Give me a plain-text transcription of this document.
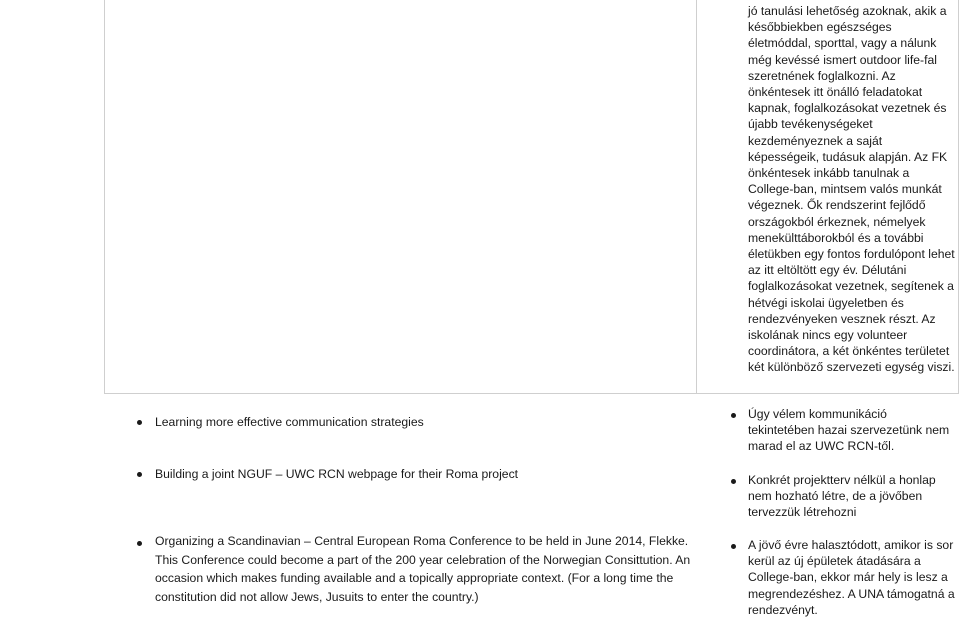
jó tanulási lehetőség azoknak, akik a későbbiekben egészséges életmóddal, sporttal, vagy a nálunk még kevéssé ismert outdoor life-fal szeretnének foglalkozni. Az önkéntesek itt önálló feladatokat kapnak, foglalkozásokat vezetnek és újabb tevékenységeket kezdeményeznek a saját képességeik, tudásuk alapján. Az FK önkéntesek inkább tanulnak a College-ban, mintsem valós munkát végeznek. Ők rendszerint fejlődő országokból érkeznek, némelyek menekülttáborokból és a további életükben egy fontos fordulópont lehet az itt eltöltött egy év. Délutáni foglalkozásokat vezetnek, segítenek a hétvégi iskolai ügyeletben és rendezvényeken vesznek részt. Az iskolának nincs egy volunteer coordinátora, a két önkéntes területet két különböző szervezeti egység viszi.

Learning more effective communication strategies
Building a joint NGUF – UWC RCN webpage for their Roma project
Organizing a Scandinavian – Central European Roma Conference to be held in June 2014, Flekke. This Conference could become a part of the 200 year celebration of the Norwegian Consittution. An occasion which makes funding available and a topically appropriate context. (For a long time the constitution did not allow Jews, Jusuits to enter the country.)
Úgy vélem kommunikáció tekintetében hazai szervezetünk nem marad el az UWC RCN-től.
Konkrét projektterv nélkül a honlap nem hozható létre, de a jövőben tervezzük létrehozni
A jövő évre halasztódott, amikor is sor kerül az új épületek átadására a College-ban, ekkor már hely is lesz a megrendezéshez. A UNA támogatná a rendezvényt.
